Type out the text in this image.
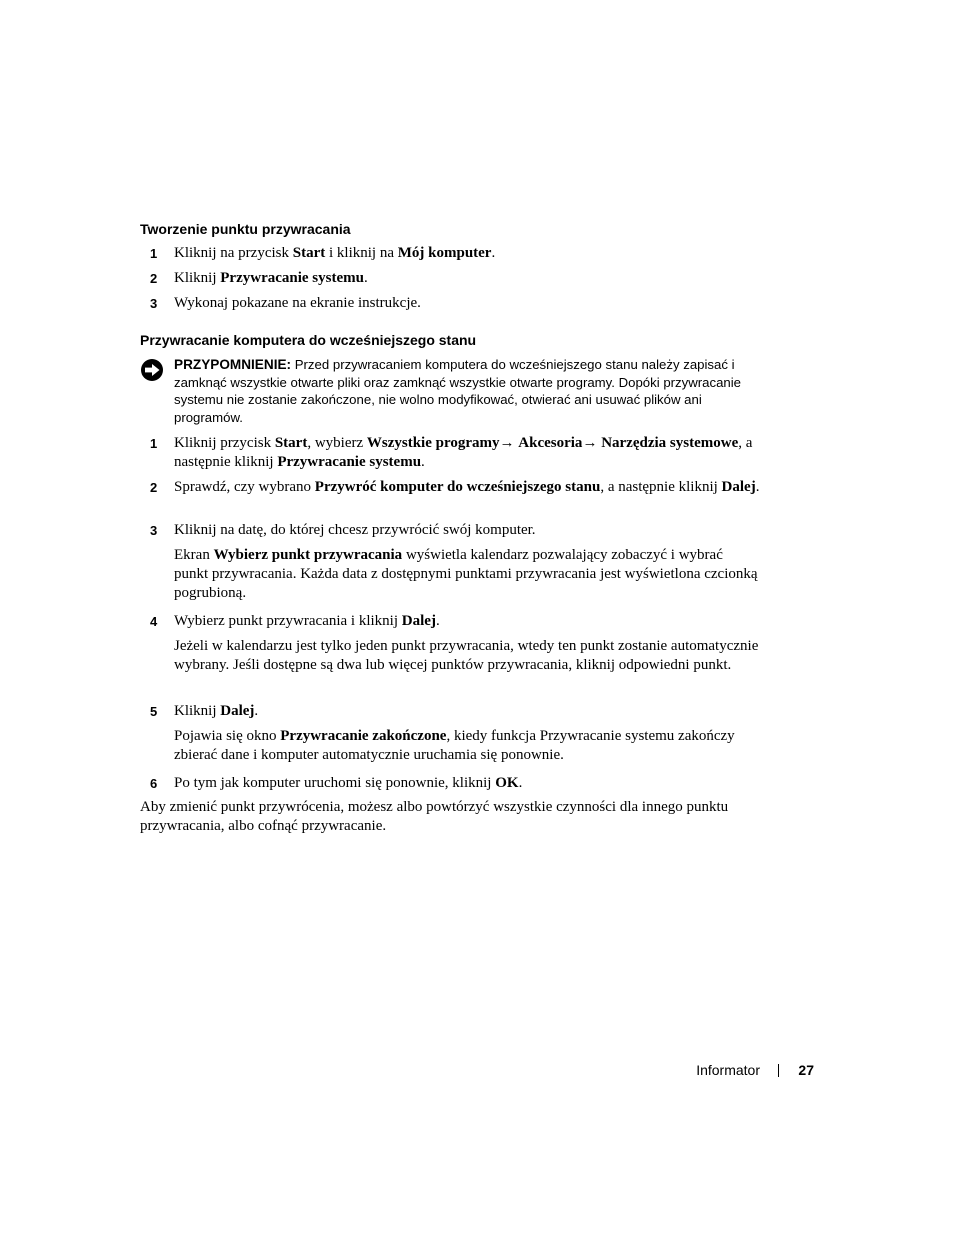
Tworzenie punktu przywracania
1 Kliknij na przycisk Start i kliknij na Mój komputer.
2 Kliknij Przywracanie systemu.
3 Wykonaj pokazane na ekranie instrukcje.
Przywracanie komputera do wcześniejszego stanu
PRZYPOMNIENIE: Przed przywracaniem komputera do wcześniejszego stanu należy zapisać i zamknąć wszystkie otwarte pliki oraz zamknąć wszystkie otwarte programy. Dopóki przywracanie systemu nie zostanie zakończone, nie wolno modyfikować, otwierać ani usuwać plików ani programów.
1 Kliknij przycisk Start, wybierz Wszystkie programy→ Akcesoria→ Narzędzia systemowe, a następnie kliknij Przywracanie systemu.
2 Sprawdź, czy wybrano Przywróć komputer do wcześniejszego stanu, a następnie kliknij Dalej.
3 Kliknij na datę, do której chcesz przywrócić swój komputer.
Ekran Wybierz punkt przywracania wyświetla kalendarz pozwalający zobaczyć i wybrać punkt przywracania. Każda data z dostępnymi punktami przywracania jest wyświetlona czcionką pogrubioną.
4 Wybierz punkt przywracania i kliknij Dalej.
Jeżeli w kalendarzu jest tylko jeden punkt przywracania, wtedy ten punkt zostanie automatycznie wybrany. Jeśli dostępne są dwa lub więcej punktów przywracania, kliknij odpowiedni punkt.
5 Kliknij Dalej.
Pojawia się okno Przywracanie zakończone, kiedy funkcja Przywracanie systemu zakończy zbierać dane i komputer automatycznie uruchamia się ponownie.
6 Po tym jak komputer uruchomi się ponownie, kliknij OK.
Aby zmienić punkt przywrócenia, możesz albo powtórzyć wszystkie czynności dla innego punktu przywracania, albo cofnąć przywracanie.
Informator	27
